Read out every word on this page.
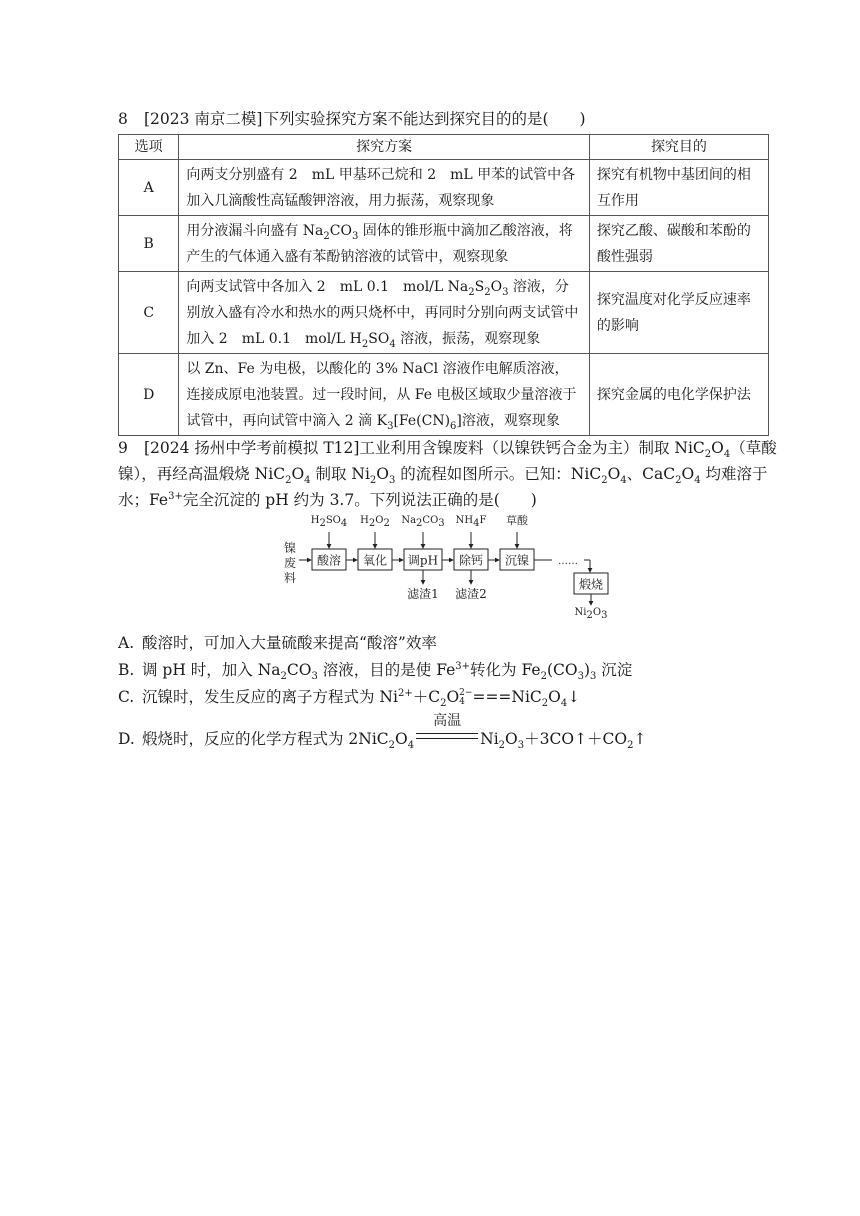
8 [2023 南京二模]下列实验探究方案不能达到探究目的的是(　　)
选项	探究方案	探究目的
A	向两支分别盛有 2　mL 甲基环己烷和 2　mL 甲苯的试管中各加入几滴酸性高锰酸钾溶液，用力振荡，观察现象	探究有机物中基团间的相互作用
B	用分液漏斗向盛有 $Na_2CO_3$ 固体的锥形瓶中滴加乙酸溶液，将产生的气体通入盛有苯酚钠溶液的试管中，观察现象	探究乙酸、碳酸和苯酚的酸性强弱
C	向两支试管中各加入 2　mL 0.1　mol/L $Na_2S_2O_3$ 溶液，分别放入盛有冷水和热水的两只烧杯中，再同时分别向两支试管中加入 2　mL 0.1　mol/L $H_2SO_4$ 溶液，振荡，观察现象	探究温度对化学反应速率的影响
D	以 Zn、Fe 为电极，以酸化的 3% NaCl 溶液作电解质溶液，连接成原电池装置。过一段时间，从 Fe 电极区域取少量溶液于试管中，再向试管中滴入 2 滴 $K_3[Fe(CN)_6]$溶液，观察现象	探究金属的电化学保护法
9 [2024 扬州中学考前模拟 T12]工业利用含镍废料（以镍铁钙合金为主）制取 $NiC_2O_4$（草酸镍），再经高温煅烧 $NiC_2O_4$ 制取 $Ni_2O_3$ 的流程如图所示。已知：$NiC_2O_4$、$CaC_2O_4$ 均难溶于水；$Fe^{3+}$完全沉淀的 pH 约为 3.7。下列说法正确的是(　　)
镍
废
料
酸溶 氧化 调pH 除钙 沉镍
煅烧
……
滤渣1 滤渣2
$H_2SO_4$	$H_2O_2$	$Na_2CO_3$	$NH_4F$	草酸
$Ni_2O_3$
A. 酸溶时，可加入大量硫酸来提高“酸溶”效率
B. 调 pH 时，加入 $Na_2CO_3$ 溶液，目的是使 $Fe^{3+}$转化为 $Fe_2(CO_3)_3$ 沉淀
C. 沉镍时，发生反应的离子方程式为 $Ni^{2+}+C_2O$ 2−
$4 ===NiC_2O_4↓$
D. 煅烧时，反应的化学方程式为 $2NiC_2O_4$
高温
$Ni_2O_3+3CO↑+CO_2↑$
